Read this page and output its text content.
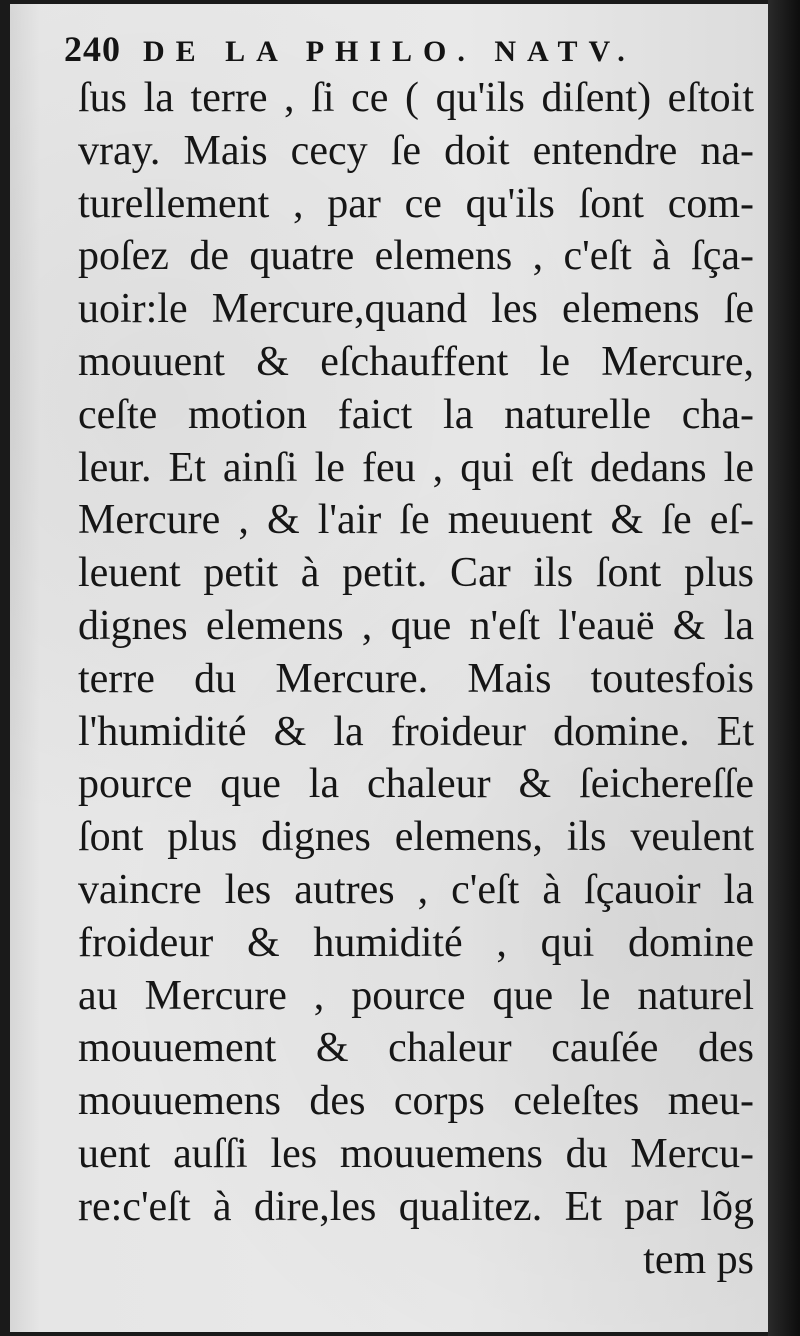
240 DE LA PHILO. NATV.
ſus la terre , ſi ce ( qu'ils diſent) eſtoit
vray. Mais cecy ſe doit entendre na-
turellement , par ce qu'ils ſont com-
poſez de quatre elemens , c'eſt à ſça-
uoir:le Mercure,quand les elemens ſe
mouuent & eſchauffent le Mercure,
ceſte motion faict la naturelle cha-
leur. Et ainſi le feu , qui eſt dedans le
Mercure , & l'air ſe meuuent & ſe eſ-
leuent petit à petit. Car ils ſont plus
dignes elemens , que n'eſt l'eauë & la
terre du Mercure. Mais toutesfois
l'humidité & la froideur domine. Et
pource que la chaleur & ſeichereſſe
ſont plus dignes elemens, ils veulent
vaincre les autres , c'eſt à ſçauoir la
froideur & humidité , qui domine
au Mercure , pource que le naturel
mouuement & chaleur cauſée des
mouuemens des corps celeſtes meu-
uent auſſi les mouuemens du Mercu-
re:c'eſt à dire,les qualitez. Et par lõg
tem ps
